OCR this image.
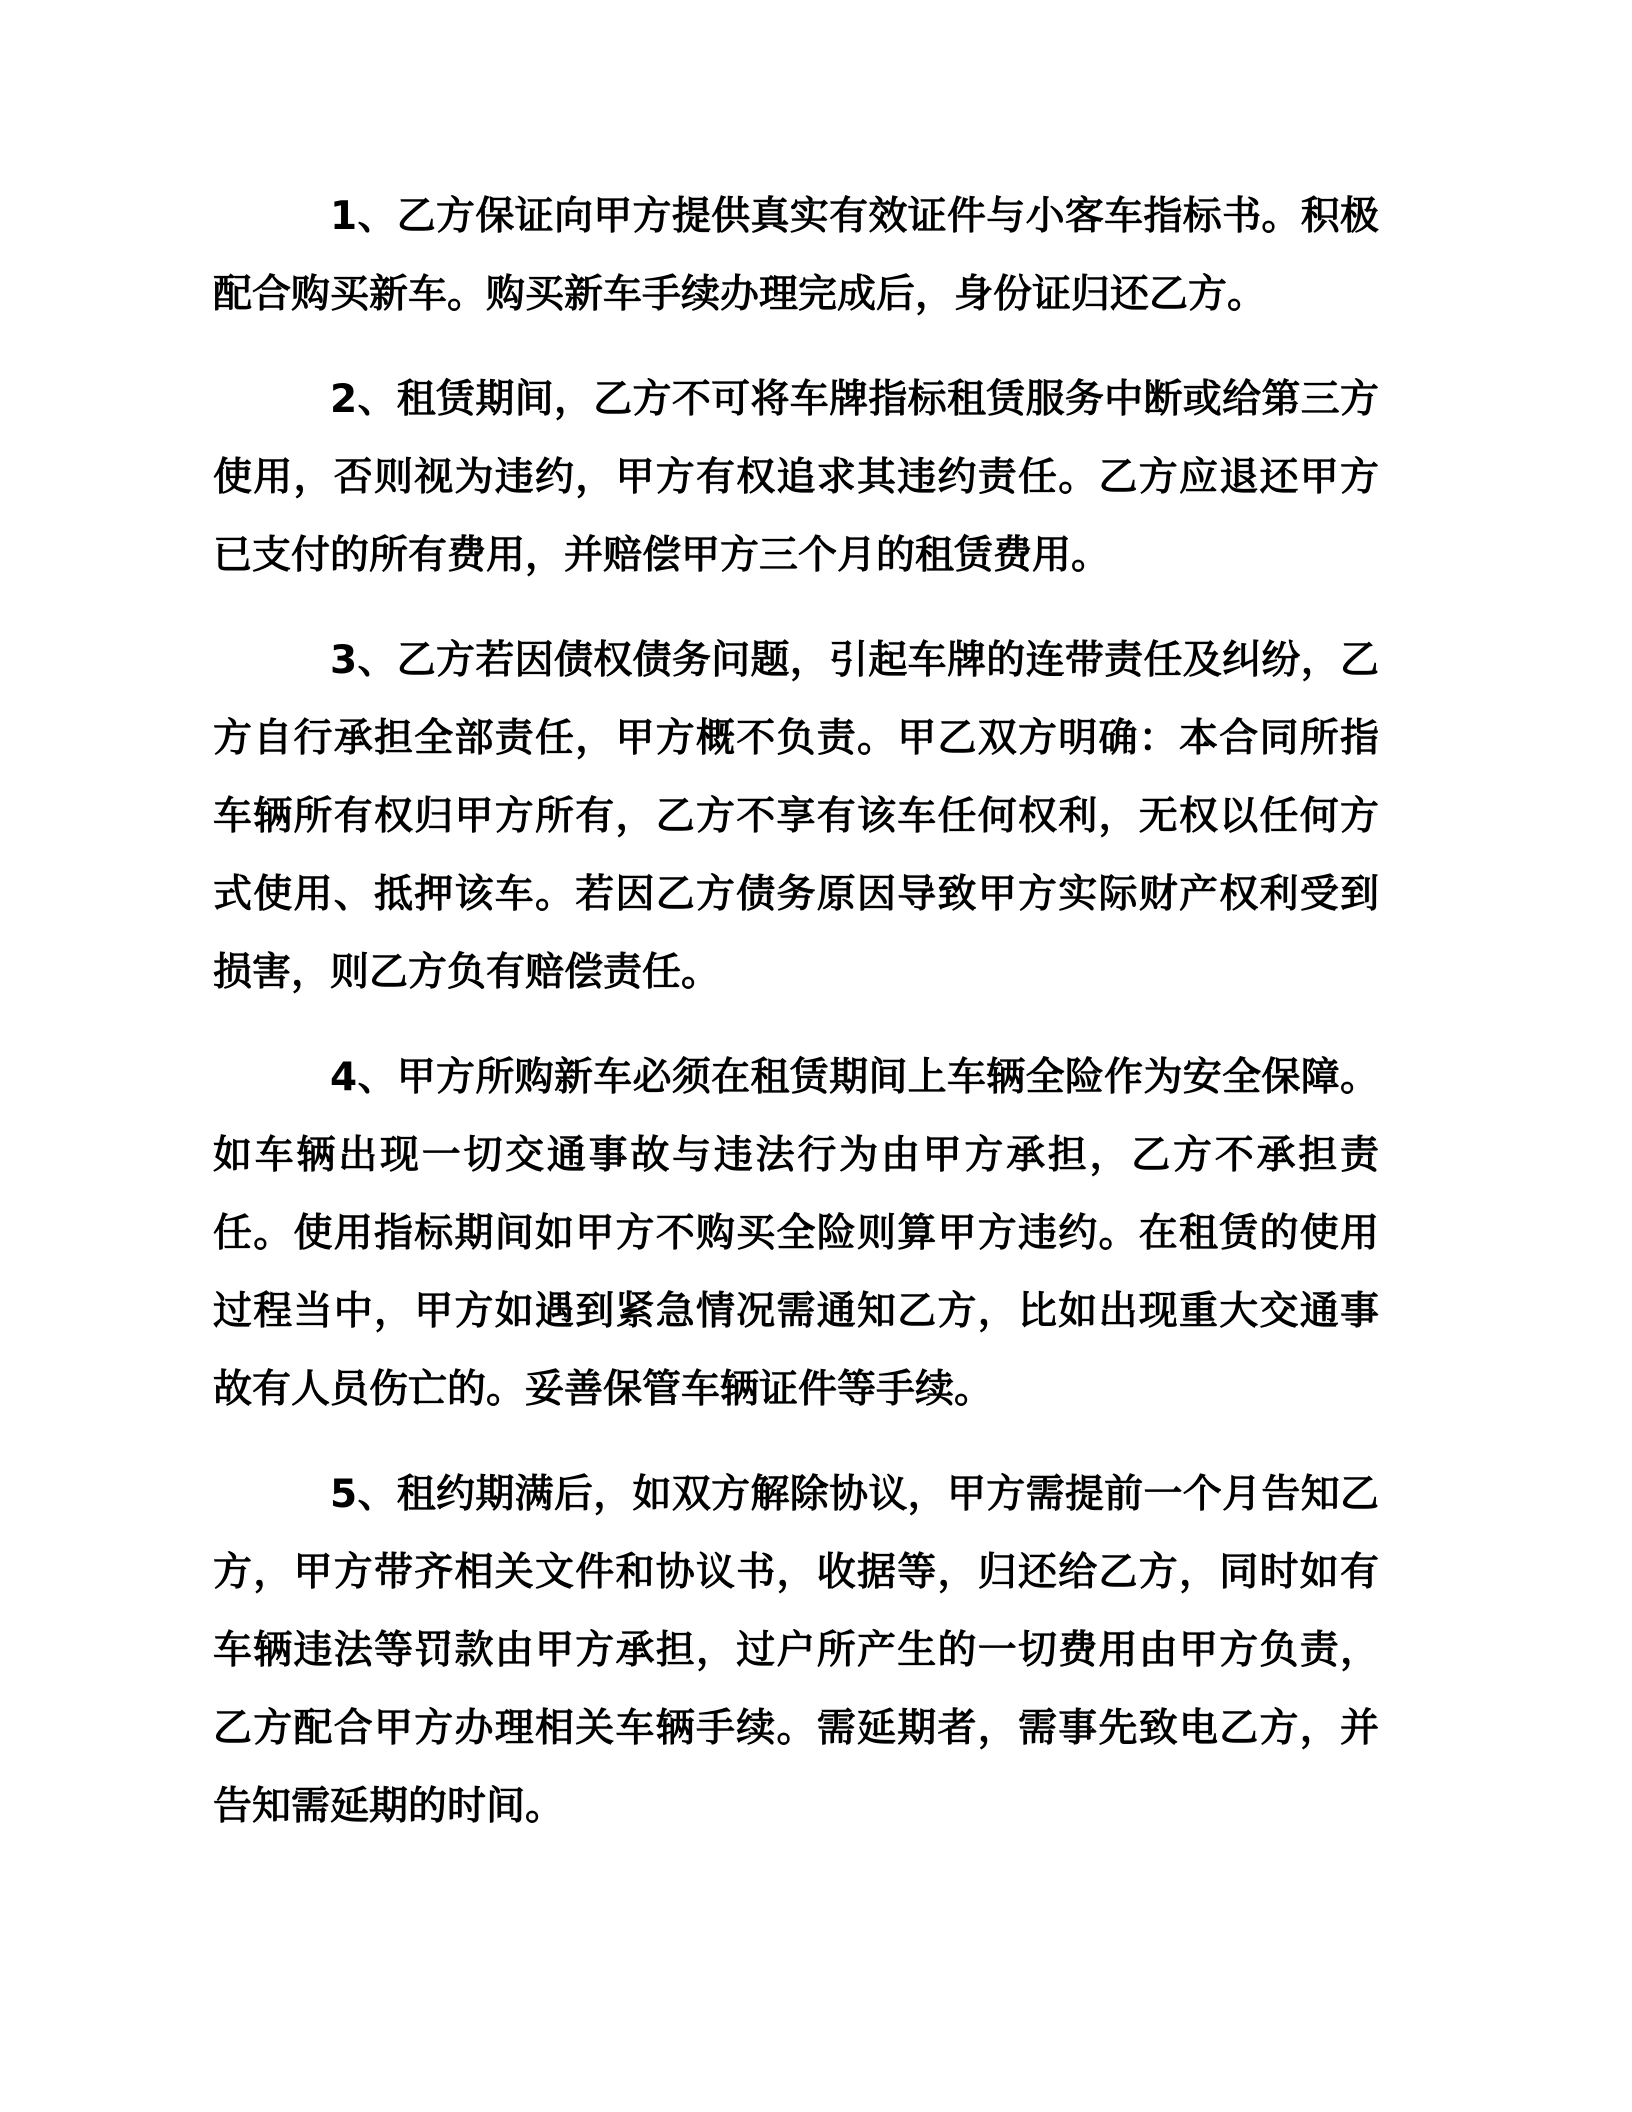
1、乙方保证向甲方提供真实有效证件与小客车指标书。积极配合购买新车。购买新车手续办理完成后，身份证归还乙方。

2、租赁期间，乙方不可将车牌指标租赁服务中断或给第三方使用，否则视为违约，甲方有权追求其违约责任。乙方应退还甲方已支付的所有费用，并赔偿甲方三个月的租赁费用。

3、乙方若因债权债务问题，引起车牌的连带责任及纠纷，乙方自行承担全部责任，甲方概不负责。甲乙双方明确：本合同所指车辆所有权归甲方所有，乙方不享有该车任何权利，无权以任何方式使用、抵押该车。若因乙方债务原因导致甲方实际财产权利受到损害，则乙方负有赔偿责任。

4、甲方所购新车必须在租赁期间上车辆全险作为安全保障。如车辆出现一切交通事故与违法行为由甲方承担，乙方不承担责任。使用指标期间如甲方不购买全险则算甲方违约。在租赁的使用过程当中，甲方如遇到紧急情况需通知乙方，比如出现重大交通事故有人员伤亡的。妥善保管车辆证件等手续。

5、租约期满后，如双方解除协议，甲方需提前一个月告知乙方，甲方带齐相关文件和协议书，收据等，归还给乙方，同时如有车辆违法等罚款由甲方承担，过户所产生的一切费用由甲方负责，乙方配合甲方办理相关车辆手续。需延期者，需事先致电乙方，并告知需延期的时间。
